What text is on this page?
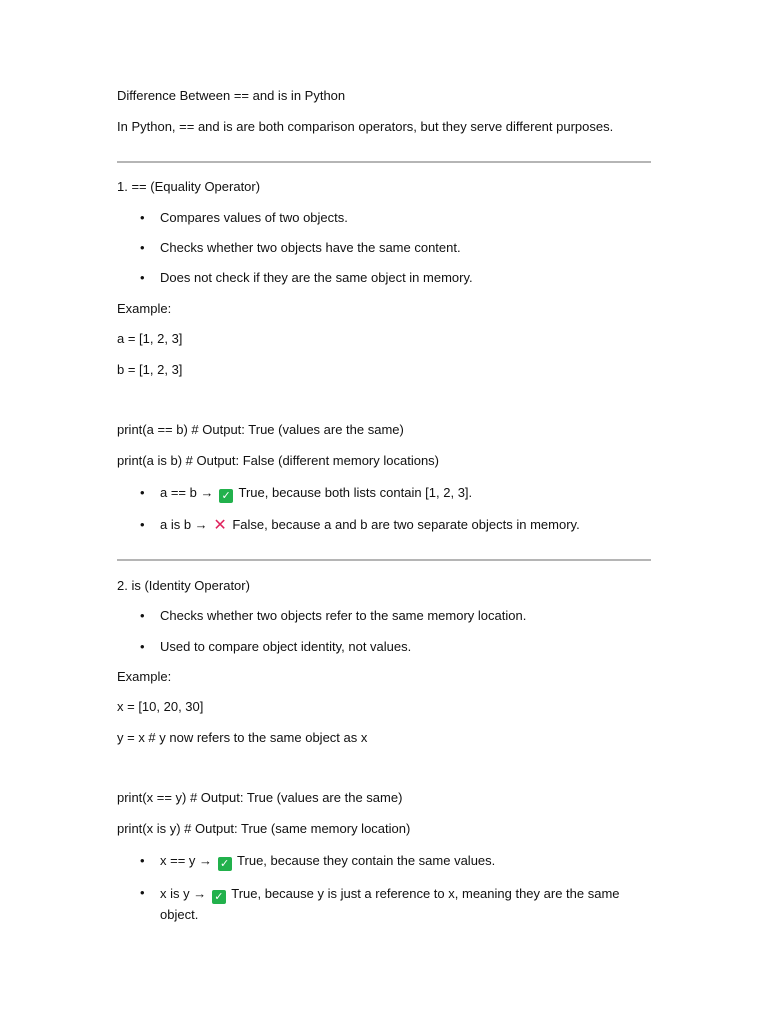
Difference Between == and is in Python
In Python, == and is are both comparison operators, but they serve different purposes.
1. == (Equality Operator)
• Compares values of two objects.
• Checks whether two objects have the same content.
• Does not check if they are the same object in memory.
Example:
a = [1, 2, 3]
b = [1, 2, 3]
print(a == b) # Output: True (values are the same)
print(a is b) # Output: False (different memory locations)
• a == b → ✓ True, because both lists contain [1, 2, 3].
• a is b → ✕ False, because a and b are two separate objects in memory.
2. is (Identity Operator)
• Checks whether two objects refer to the same memory location.
• Used to compare object identity, not values.
Example:
x = [10, 20, 30]
y = x # y now refers to the same object as x
print(x == y) # Output: True (values are the same)
print(x is y) # Output: True (same memory location)
• x == y → ✓ True, because they contain the same values.
• x is y → ✓ True, because y is just a reference to x, meaning they are the same object.
